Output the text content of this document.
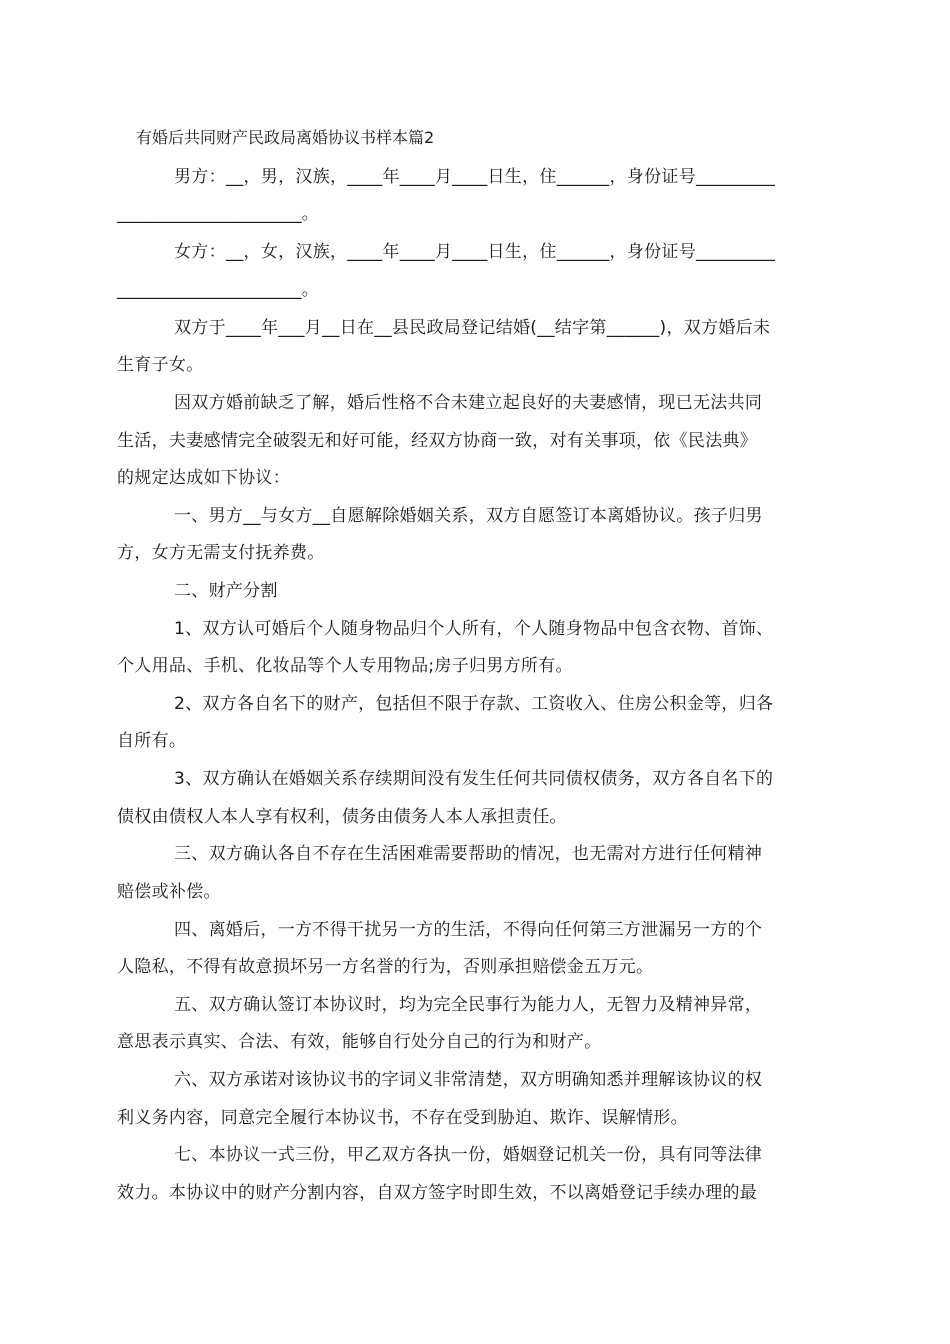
有婚后共同财产民政局离婚协议书样本篇2
男方：__，男，汉族，____年____月____日生，住______，身份证号_________
_____________________。
女方：__，女，汉族，____年____月____日生，住______，身份证号_________
_____________________。
双方于____年___月__日在__县民政局登记结婚(__结字第______)，双方婚后未
生育子女。
因双方婚前缺乏了解，婚后性格不合未建立起良好的夫妻感情，现已无法共同
生活，夫妻感情完全破裂无和好可能，经双方协商一致，对有关事项，依《民法典》
的规定达成如下协议：
一、男方__与女方__自愿解除婚姻关系，双方自愿签订本离婚协议。孩子归男
方，女方无需支付抚养费。
二、财产分割
1、双方认可婚后个人随身物品归个人所有，个人随身物品中包含衣物、首饰、
个人用品、手机、化妆品等个人专用物品;房子归男方所有。
2、双方各自名下的财产，包括但不限于存款、工资收入、住房公积金等，归各
自所有。
3、双方确认在婚姻关系存续期间没有发生任何共同债权债务，双方各自名下的
债权由债权人本人享有权利，债务由债务人本人承担责任。
三、双方确认各自不存在生活困难需要帮助的情况，也无需对方进行任何精神
赔偿或补偿。
四、离婚后，一方不得干扰另一方的生活，不得向任何第三方泄漏另一方的个
人隐私，不得有故意损坏另一方名誉的行为，否则承担赔偿金五万元。
五、双方确认签订本协议时，均为完全民事行为能力人，无智力及精神异常，
意思表示真实、合法、有效，能够自行处分自己的行为和财产。
六、双方承诺对该协议书的字词义非常清楚，双方明确知悉并理解该协议的权
利义务内容，同意完全履行本协议书，不存在受到胁迫、欺诈、误解情形。
七、本协议一式三份，甲乙双方各执一份，婚姻登记机关一份，具有同等法律
效力。本协议中的财产分割内容，自双方签字时即生效，不以离婚登记手续办理的最
